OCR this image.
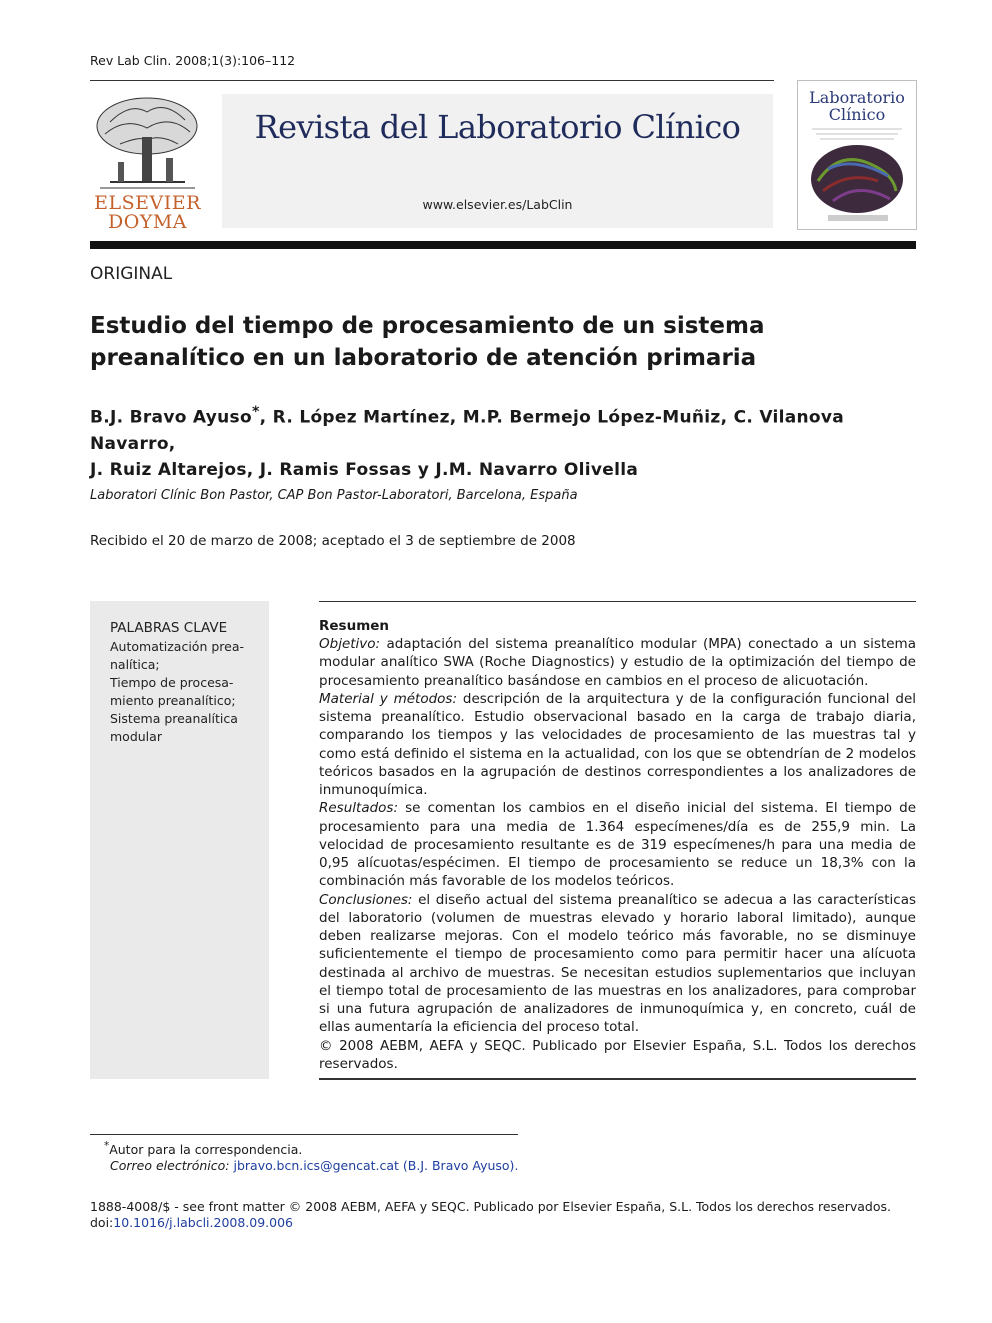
Rev Lab Clin. 2008;1(3):106–112
ELSEVIER
DOYMA
Revista del Laboratorio Clínico
www.elsevier.es/LabClin
Laboratorio
Clínico
ORIGINAL
Estudio del tiempo de procesamiento de un sistema preanalítico en un laboratorio de atención primaria
B.J. Bravo Ayuso*, R. López Martínez, M.P. Bermejo López-Muñiz, C. Vilanova Navarro,
J. Ruiz Altarejos, J. Ramis Fossas y J.M. Navarro Olivella
Laboratori Clínic Bon Pastor, CAP Bon Pastor-Laboratori, Barcelona, España
Recibido el 20 de marzo de 2008; aceptado el 3 de septiembre de 2008
PALABRAS CLAVE
Automatización prea-
nalítica;
Tiempo de procesa-
miento preanalítico;
Sistema preanalítica
modular
Resumen

Objetivo: adaptación del sistema preanalítico modular (MPA) conectado a un sistema modular analítico SWA (Roche Diagnostics) y estudio de la optimización del tiempo de procesamiento preanalítico basándose en cambios en el proceso de alicuotación.

Material y métodos: descripción de la arquitectura y de la configuración funcional del sistema preanalítico. Estudio observacional basado en la carga de trabajo diaria, comparando los tiempos y las velocidades de procesamiento de las muestras tal y como está definido el sistema en la actualidad, con los que se obtendrían de 2 modelos teóricos basados en la agrupación de destinos correspondientes a los analizadores de inmunoquímica.

Resultados: se comentan los cambios en el diseño inicial del sistema. El tiempo de procesamiento para una media de 1.364 especímenes/día es de 255,9 min. La velocidad de procesamiento resultante es de 319 especímenes/h para una media de 0,95 alícuotas/espécimen. El tiempo de procesamiento se reduce un 18,3% con la combinación más favorable de los modelos teóricos.

Conclusiones: el diseño actual del sistema preanalítico se adecua a las características del laboratorio (volumen de muestras elevado y horario laboral limitado), aunque deben realizarse mejoras. Con el modelo teórico más favorable, no se disminuye suficientemente el tiempo de procesamiento como para permitir hacer una alícuota destinada al archivo de muestras. Se necesitan estudios suplementarios que incluyan el tiempo total de procesamiento de las muestras en los analizadores, para comprobar si una futura agrupación de analizadores de inmunoquímica y, en concreto, cuál de ellas aumentaría la eficiencia del proceso total.

© 2008 AEBM, AEFA y SEQC. Publicado por Elsevier España, S.L. Todos los derechos reservados.

*Autor para la correspondencia.
Correo electrónico: jbravo.bcn.ics@gencat.cat (B.J. Bravo Ayuso).
1888-4008/$ - see front matter © 2008 AEBM, AEFA y SEQC. Publicado por Elsevier España, S.L. Todos los derechos reservados.
doi:10.1016/j.labcli.2008.09.006
